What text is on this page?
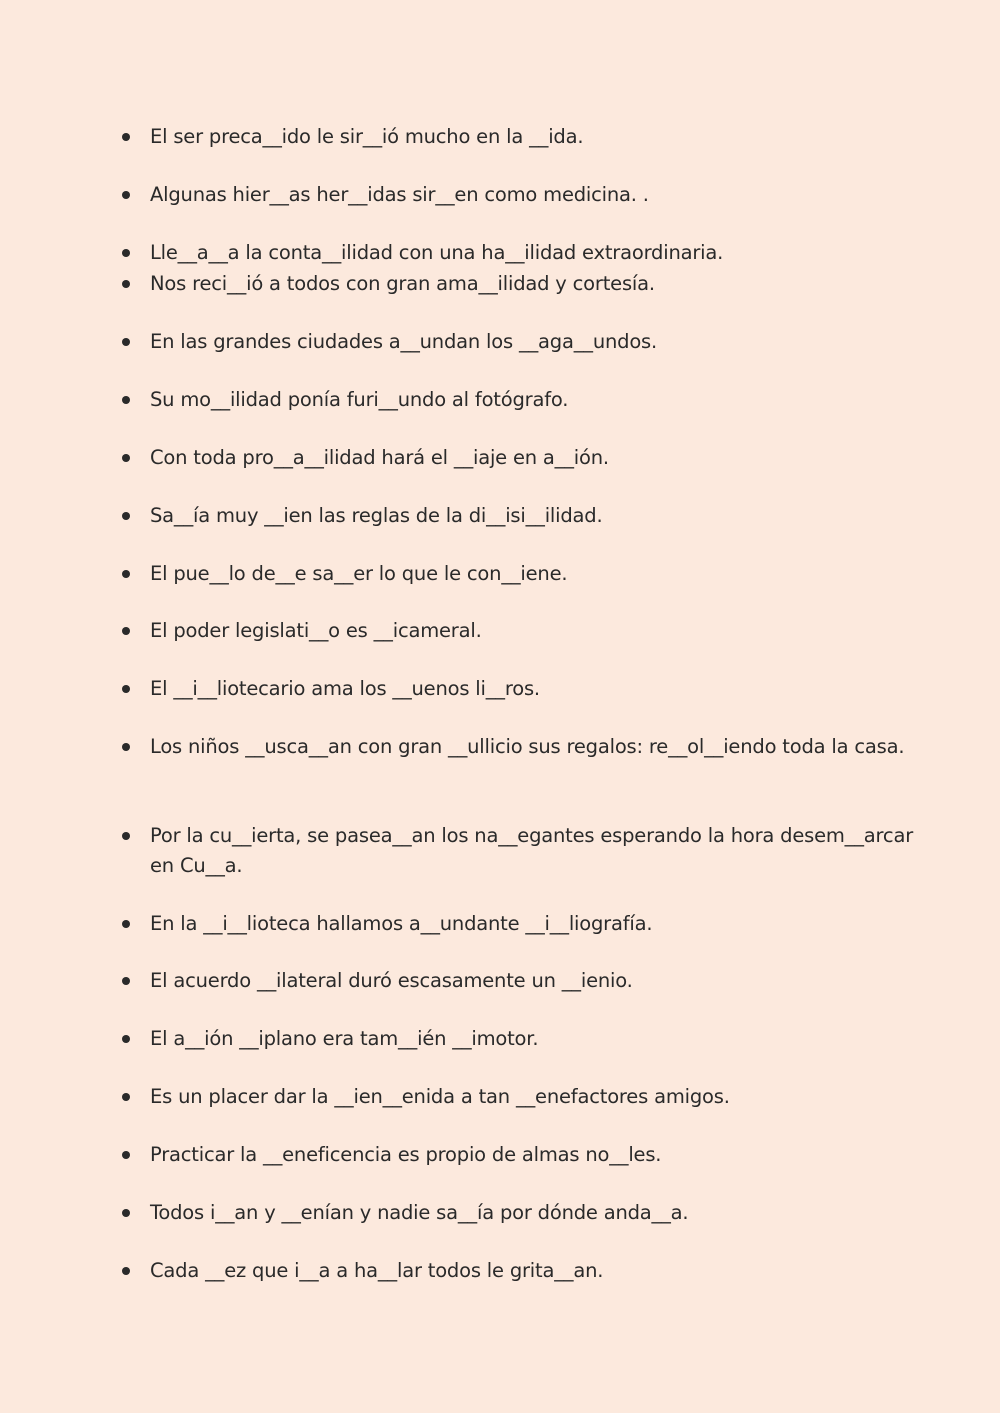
El ser preca__ido le sir__ió mucho en la __ida.
Algunas hier__as her__idas sir__en como medicina. .
Lle__a__a la conta__ilidad con una ha__ilidad extraordinaria.
Nos reci__ió a todos con gran ama__ilidad y cortesía.
En las grandes ciudades a__undan los __aga__undos.
Su mo__ilidad ponía furi__undo al fotógrafo.
Con toda pro__a__ilidad hará el __iaje en a__ión.
Sa__ía muy __ien las reglas de la di__isi__ilidad.
El pue__lo de__e sa__er lo que le con__iene.
El poder legislati__o es __icameral.
El __i__liotecario ama los __uenos li__ros.
Los niños __usca__an con gran __ullicio sus regalos: re__ol__iendo toda la casa.
Por la cu__ierta, se pasea__an los na__egantes esperando la hora desem__arcar en Cu__a.
En la __i__lioteca hallamos a__undante __i__liografía.
El acuerdo __ilateral duró escasamente un __ienio.
El a__ión __iplano era tam__ién __imotor.
Es un placer dar la __ien__enida a tan __enefactores amigos.
Practicar la __eneficencia es propio de almas no__les.
Todos i__an y __enían y nadie sa__ía por dónde anda__a.
Cada __ez que i__a a ha__lar todos le grita__an.
